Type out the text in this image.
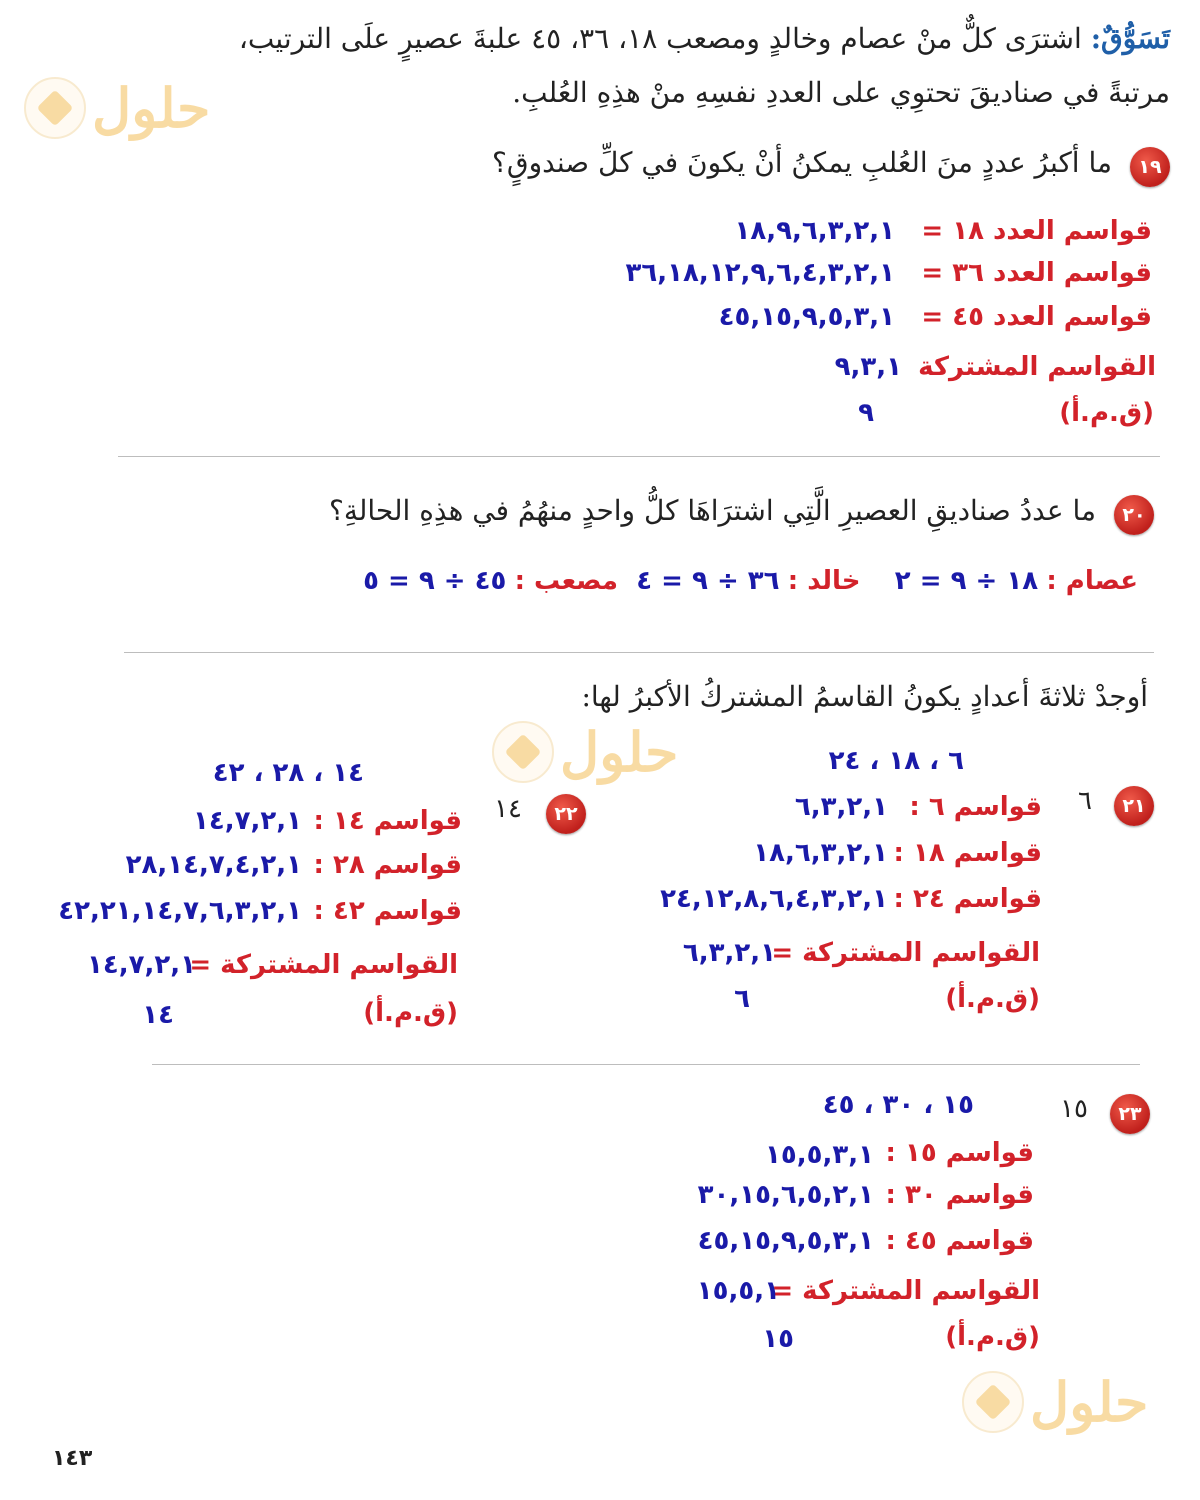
تَسَوُّقٌ: اشترَى كلٌّ منْ عصام وخالدٍ ومصعب ١٨، ٣٦، ٤٥ علبةَ عصيرٍ علَى الترتيب،
مرتبةً في صناديقَ تحتوِي على العددِ نفسِهِ منْ هذِهِ العُلبِ.
١٩
ما أكبرُ عددٍ منَ العُلبِ يمكنُ أنْ يكونَ في كلِّ صندوقٍ؟
قواسم العدد ١٨ =
١٨,٩,٦,٣,٢,١
قواسم العدد ٣٦ =
٣٦,١٨,١٢,٩,٦,٤,٣,٢,١
قواسم العدد ٤٥ =
٤٥,١٥,٩,٥,٣,١
القواسم المشتركة
٩,٣,١
(ق.م.أ)
٩
٢٠
ما عددُ صناديقِ العصيرِ الَّتِي اشترَاهَا كلُّ واحدٍ منهُمُ في هذِهِ الحالةِ؟
عصام : ١٨ ÷ ٩ = ٢ خالد : ٣٦ ÷ ٩ = ٤ مصعب : ٤٥ ÷ ٩ = ٥
أوجدْ ثلاثةَ أعدادٍ يكونُ القاسمُ المشتركُ الأكبرُ لها:
٢١
٦
٦ ، ١٨ ، ٢٤
قواسم ٦ :
٦,٣,٢,١
قواسم ١٨ :
١٨,٦,٣,٢,١
قواسم ٢٤ :
٢٤,١٢,٨,٦,٤,٣,٢,١
القواسم المشتركة =
٦,٣,٢,١
(ق.م.أ)
٦
٢٢
١٤
١٤ ، ٢٨ ، ٤٢
قواسم ١٤ :
١٤,٧,٢,١
قواسم ٢٨ :
٢٨,١٤,٧,٤,٢,١
قواسم ٤٢ :
٤٢,٢١,١٤,٧,٦,٣,٢,١
القواسم المشتركة =
١٤,٧,٢,١
(ق.م.أ)
١٤
٢٣
١٥
١٥ ، ٣٠ ، ٤٥
قواسم ١٥ :
١٥,٥,٣,١
قواسم ٣٠ :
٣٠,١٥,٦,٥,٢,١
قواسم ٤٥ :
٤٥,١٥,٩,٥,٣,١
القواسم المشتركة =
١٥,٥,١
(ق.م.أ)
١٥
حلول
حلول
حلول
١٤٣
